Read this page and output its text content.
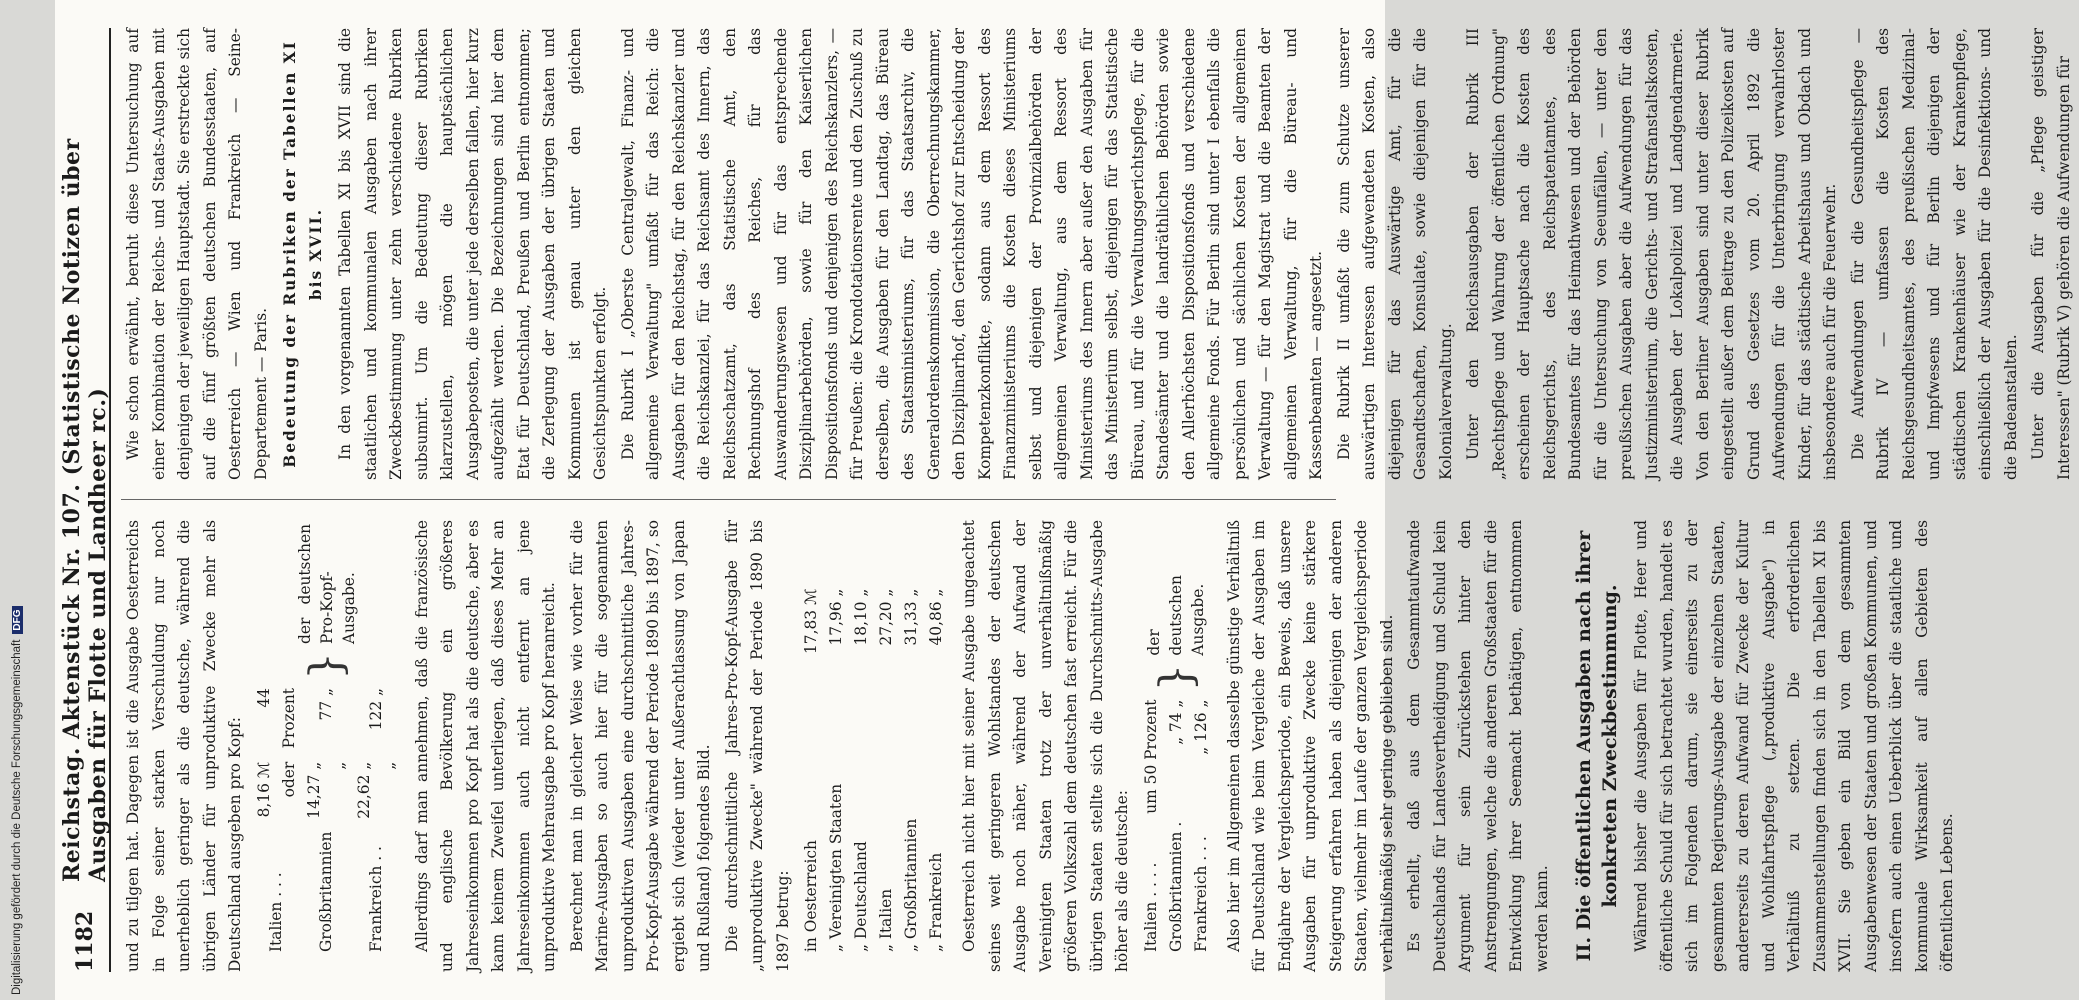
1182
Reichstag. Aktenstück Nr. 107. (Statistische Notizen über Ausgaben für Flotte und Landheer rc.) und zu tilgen hat. Dagegen ist die Ausgabe Oesterreichs in Folge seiner starken Verschuldung nur noch unerheblich geringer als die deutsche, während die übrigen Länder für unproduktive Zwecke mehr als Deutschland ausgeben pro Kopf: Italien . . .	8,16 ℳ oder	44 Prozent	}	der deutschen Pro-Kopf-Ausgabe.
Großbritannien	14,27 „ „	77 „		
Frankreich . .	22,62 „ „	122 „		Allerdings darf man annehmen, daß die französische und englische Bevölkerung ein größeres Jahreseinkommen pro Kopf hat als die deutsche, aber es kann keinem Zweifel unterliegen, daß dieses Mehr an Jahreseinkommen auch nicht entfernt an jene unproduktive Mehrausgabe pro Kopf heranreicht. Berechnet man in gleicher Weise wie vorher für die Marine-Ausgaben so auch hier für die sogenannten unproduktiven Ausgaben eine durchschnittliche Jahres-Pro-Kopf-Ausgabe während der Periode 1890 bis 1897, so ergiebt sich (wieder unter Außerachtlassung von Japan und Rußland) folgendes Bild. Die durchschnittliche Jahres-Pro-Kopf-Ausgabe für „unproduktive Zwecke" während der Periode 1890 bis 1897 betrug: in Oesterreich	17,83 ℳ
„ Vereinigten Staaten	17,96 „
„ Deutschland	18,10 „
„ Italien	27,20 „
„ Großbritannien	31,33 „
„ Frankreich	40,86 „ Oesterreich nicht hier mit seiner Ausgabe ungeachtet seines weit geringeren Wohlstandes der deutschen Ausgabe noch näher, während der Aufwand der Vereinigten Staaten trotz der unverhältnißmäßig größeren Volkszahl dem deutschen fast erreicht. Für die übrigen Staaten stellte sich die Durchschnitts-Ausgabe höher als die deutsche: Italien . . . .	um 50 Prozent	}	der deutschen Ausgabe.
Großbritannien .	„ 74 „		
Frankreich . . .	„ 126 „		Also hier im Allgemeinen dasselbe günstige Verhältniß für Deutschland wie beim Vergleiche der Ausgaben im Endjahre der Vergleichsperiode, ein Beweis, daß unsere Ausgaben für unproduktive Zwecke keine stärkere Steigerung erfahren haben als diejenigen der anderen Staaten, vielmehr im Laufe der ganzen Vergleichsperiode verhältnißmäßig sehr geringe geblieben sind. Es erhellt, daß aus dem Gesammtaufwande Deutschlands für Landesvertheidigung und Schuld kein Argument für sein Zurückstehen hinter den Anstrengungen, welche die anderen Großstaaten für die Entwicklung ihrer Seemacht bethätigen, entnommen werden kann. II. Die öffentlichen Ausgaben nach ihrer konkreten Zweckbestimmung. Während bisher die Ausgaben für Flotte, Heer und öffentliche Schuld für sich betrachtet wurden, handelt es sich im Folgenden darum, sie einerseits zu der gesammten Regierungs-Ausgabe der einzelnen Staaten, andererseits zu deren Aufwand für Zwecke der Kultur und Wohlfahrtspflege („produktive Ausgabe") in Verhältniß zu setzen. Die erforderlichen Zusammenstellungen finden sich in den Tabellen XI bis XVII. Sie geben ein Bild von dem gesammten Ausgabenwesen der Staaten und großen Kommunen, und insofern auch einen Ueberblick über die staatliche und kommunale Wirksamkeit auf allen Gebieten des öffentlichen Lebens.

Wie schon erwähnt, beruht diese Untersuchung auf einer Kombination der Reichs- und Staats-Ausgaben mit denjenigen der jeweiligen Hauptstadt. Sie erstreckte sich auf die fünf größten deutschen Bundesstaaten, auf Oesterreich — Wien und Frankreich — Seine-Departement — Paris. Bedeutung der Rubriken der Tabellen XI bis XVII. In den vorgenannten Tabellen XI bis XVII sind die staatlichen und kommunalen Ausgaben nach ihrer Zweckbestimmung unter zehn verschiedene Rubriken subsumirt. Um die Bedeutung dieser Rubriken klarzustellen, mögen die hauptsächlichen Ausgabeposten, die unter jede derselben fallen, hier kurz aufgezählt werden. Die Bezeichnungen sind hier dem Etat für Deutschland, Preußen und Berlin entnommen; die Zerlegung der Ausgaben der übrigen Staaten und Kommunen ist genau unter den gleichen Gesichtspunkten erfolgt. Die Rubrik I „Oberste Centralgewalt, Finanz- und allgemeine Verwaltung" umfaßt für das Reich: die Ausgaben für den Reichstag, für den Reichskanzler und die Reichskanzlei, für das Reichsamt des Innern, das Reichsschatzamt, das Statistische Amt, den Rechnungshof des Reiches, für das Auswanderungswesen und für das entsprechende Disziplinarbehörden, sowie für den Kaiserlichen Dispositionsfonds und denjenigen des Reichskanzlers, — für Preußen: die Krondotationsrente und den Zuschuß zu derselben, die Ausgaben für den Landtag, das Büreau des Staatsministeriums, für das Staatsarchiv, die Generalordenskommission, die Oberrechnungskammer, den Disziplinarhof, den Gerichtshof zur Entscheidung der Kompetenzkonflikte, sodann aus dem Ressort des Finanzministeriums die Kosten dieses Ministeriums selbst und diejenigen der Provinzialbehörden der allgemeinen Verwaltung, aus dem Ressort des Ministeriums des Innern aber außer den Ausgaben für das Ministerium selbst, diejenigen für das Statistische Büreau, und für die Verwaltungsgerichtspflege, für die Standesämter und die landräthlichen Behörden sowie den Allerhöchsten Dispositionsfonds und verschiedene allgemeine Fonds. Für Berlin sind unter I ebenfalls die persönlichen und sächlichen Kosten der allgemeinen Verwaltung — für den Magistrat und die Beamten der allgemeinen Verwaltung, für die Büreau- und Kassenbeamten — angesetzt. Die Rubrik II umfaßt die zum Schutze unserer auswärtigen Interessen aufgewendeten Kosten, also diejenigen für das Auswärtige Amt, für die Gesandtschaften, Konsulate, sowie diejenigen für die Kolonialverwaltung. Unter den Reichsausgaben der Rubrik III „Rechtspflege und Wahrung der öffentlichen Ordnung" erscheinen der Hauptsache nach die Kosten des Reichsgerichts, des Reichspatentamtes, des Bundesamtes für das Heimathwesen und der Behörden für die Untersuchung von Seeunfällen, — unter den preußischen Ausgaben aber die Aufwendungen für das Justizministerium, die Gerichts- und Strafanstaltskosten, die Ausgaben der Lokalpolizei und Landgendarmerie. Von den Berliner Ausgaben sind unter dieser Rubrik eingestellt außer dem Beitrage zu den Polizeikosten auf Grund des Gesetzes vom 20. April 1892 die Aufwendungen für die Unterbringung verwahrloster Kinder, für das städtische Arbeitshaus und Obdach und insbesondere auch für die Feuerwehr. Die Aufwendungen für die Gesundheitspflege — Rubrik IV — umfassen die Kosten des Reichsgesundheitsamtes, des preußischen Medizinal- und Impfwesens und für Berlin diejenigen der städtischen Krankenhäuser wie der Krankenpflege, einschließlich der Ausgaben für die Desinfektions- und die Badeanstalten. Unter die Ausgaben für die „Pflege geistiger Interessen" (Rubrik V) gehören die Aufwendungen für

Digitalisierung gefördert durch die Deutsche Forschungsgemeinschaft
DFG
